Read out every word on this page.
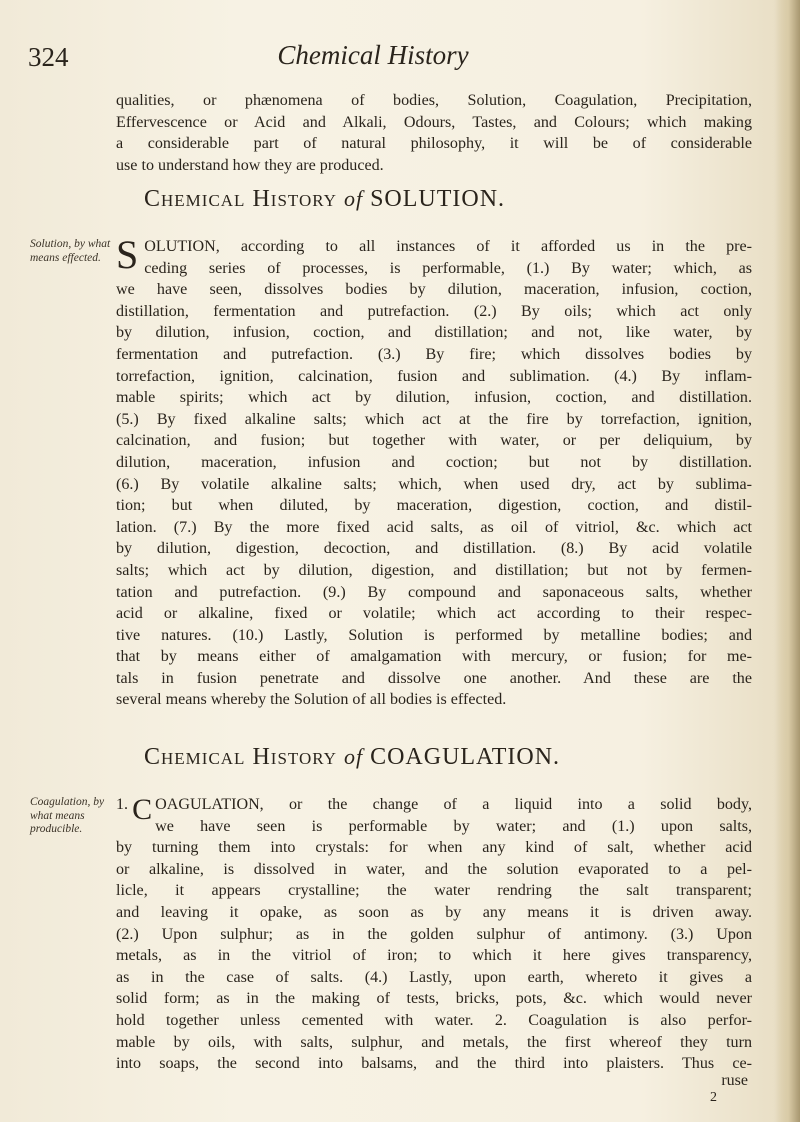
324	Chemical History
qualities, or phænomena of bodies, Solution, Coagulation, Precipitation,
Effervescence or Acid and Alkali, Odours, Tastes, and Colours; which making
a considerable part of natural philosophy, it will be of considerable
use to understand how they are produced.
Chemical History of SOLUTION.
Solution, by what means effected. S OLUTION, according to all instances of it afforded us in the pre-
ceding series of processes, is performable, (1.) By water; which, as
we have seen, dissolves bodies by dilution, maceration, infusion, coction,
distillation, fermentation and putrefaction. (2.) By oils; which act only
by dilution, infusion, coction, and distillation; and not, like water, by
fermentation and putrefaction. (3.) By fire; which dissolves bodies by
torrefaction, ignition, calcination, fusion and sublimation. (4.) By inflam-
mable spirits; which act by dilution, infusion, coction, and distillation.
(5.) By fixed alkaline salts; which act at the fire by torrefaction, ignition,
calcination, and fusion; but together with water, or per deliquium, by
dilution, maceration, infusion and coction; but not by distillation.
(6.) By volatile alkaline salts; which, when used dry, act by sublima-
tion; but when diluted, by maceration, digestion, coction, and distil-
lation. (7.) By the more fixed acid salts, as oil of vitriol, &c. which act
by dilution, digestion, decoction, and distillation. (8.) By acid volatile
salts; which act by dilution, digestion, and distillation; but not by fermen-
tation and putrefaction. (9.) By compound and saponaceous salts, whether
acid or alkaline, fixed or volatile; which act according to their respec-
tive natures. (10.) Lastly, Solution is performed by metalline bodies; and
that by means either of amalgamation with mercury, or fusion; for me-
tals in fusion penetrate and dissolve one another. And these are the
several means whereby the Solution of all bodies is effected.
Chemical History of COAGULATION.
Coagulation, by what means producible.
1. C OAGULATION, or the change of a liquid into a solid body,
we have seen is performable by water; and (1.) upon salts,
by turning them into crystals: for when any kind of salt, whether acid
or alkaline, is dissolved in water, and the solution evaporated to a pel-
licle, it appears crystalline; the water rendring the salt transparent;
and leaving it opake, as soon as by any means it is driven away.
(2.) Upon sulphur; as in the golden sulphur of antimony. (3.) Upon
metals, as in the vitriol of iron; to which it here gives transparency,
as in the case of salts. (4.) Lastly, upon earth, whereto it gives a
solid form; as in the making of tests, bricks, pots, &c. which would never
hold together unless cemented with water. 2. Coagulation is also perfor-
mable by oils, with salts, sulphur, and metals, the first whereof they turn
into soaps, the second into balsams, and the third into plaisters. Thus ce-
ruse
2
